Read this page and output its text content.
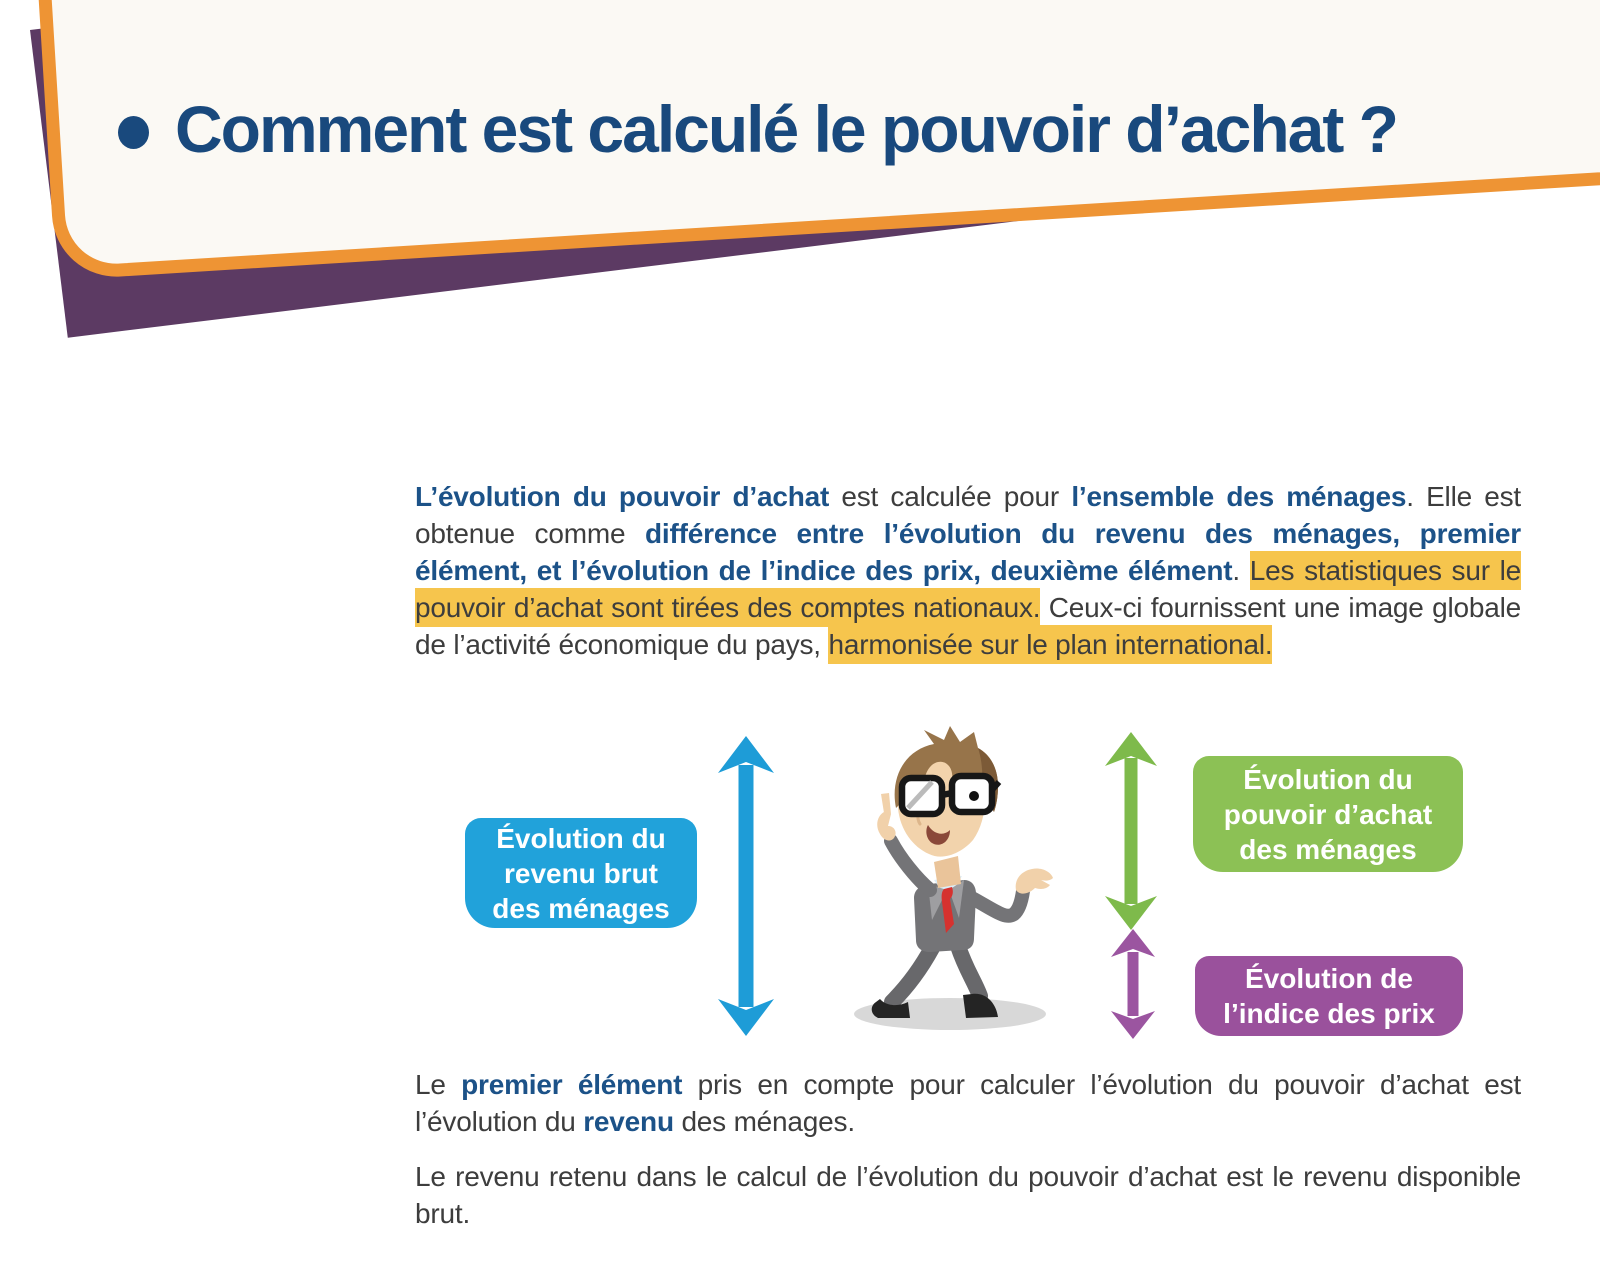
Comment est calculé le pouvoir d’achat ?

L’évolution du pouvoir d’achat est calculée pour l’ensemble des ménages. Elle est obtenue comme différence entre l’évolution du revenu des ménages, premier élément, et l’évolution de l’indice des prix, deuxième élément. Les statistiques sur le pouvoir d’achat sont tirées des comptes nationaux. Ceux-ci fournissent une image globale de l’activité économique du pays, harmonisée sur le plan international.

Évolution du
revenu brut
des ménages
Évolution du
pouvoir d’achat
des ménages
Évolution de
l’indice des prix

Le premier élément pris en compte pour calculer l’évolution du pouvoir d’achat est l’évolution du revenu des ménages.

Le revenu retenu dans le calcul de l’évolution du pouvoir d’achat est le revenu disponible brut.
